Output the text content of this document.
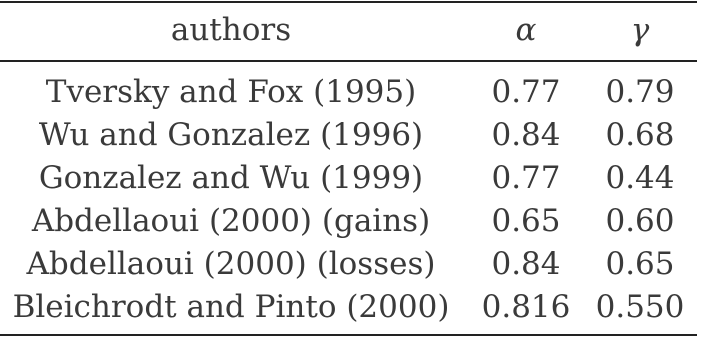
authors	α	γ
Tversky and Fox (1995)	0.77	0.79
Wu and Gonzalez (1996)	0.84	0.68
Gonzalez and Wu (1999)	0.77	0.44
Abdellaoui (2000) (gains)	0.65	0.60
Abdellaoui (2000) (losses)	0.84	0.65
Bleichrodt and Pinto (2000)	0.816 0.550
